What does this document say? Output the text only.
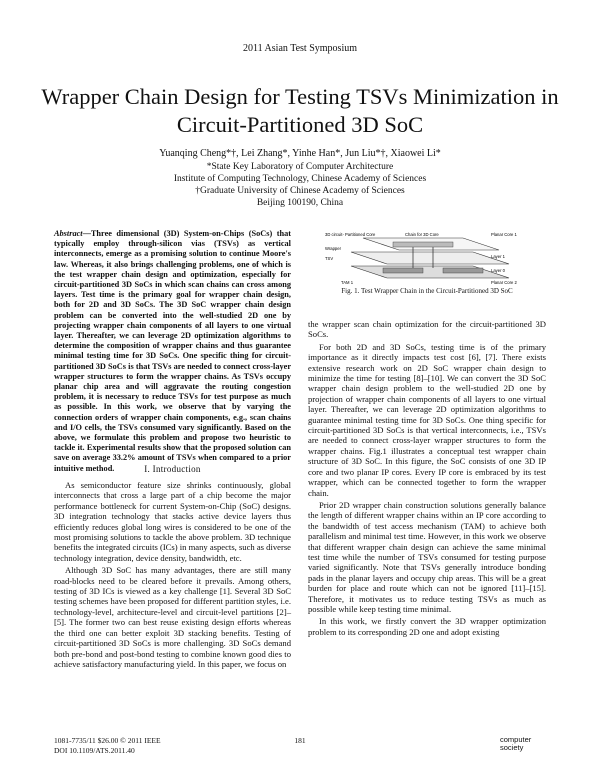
2011 Asian Test Symposium
Wrapper Chain Design for Testing TSVs Minimization in Circuit-Partitioned 3D SoC
Yuanqing Cheng*†, Lei Zhang*, Yinhe Han*, Jun Liu*†, Xiaowei Li*
*State Key Laboratory of Computer Architecture
Institute of Computing Technology, Chinese Academy of Sciences
†Graduate University of Chinese Academy of Sciences
Beijing 100190, China
Abstract—Three dimensional (3D) System-on-Chips (SoCs) that typically employ through-silicon vias (TSVs) as vertical interconnects, emerge as a promising solution to continue Moore's law. Whereas, it also brings challenging problems, one of which is the test wrapper chain design and optimization, especially for circuit-partitioned 3D SoCs in which scan chains can cross among layers. Test time is the primary goal for wrapper chain design, both for 2D and 3D SoCs. The 3D SoC wrapper chain design problem can be converted into the well-studied 2D one by projecting wrapper chain components of all layers to one virtual layer. Thereafter, we can leverage 2D optimization algorithms to determine the composition of wrapper chains and thus guarantee minimal testing time for 3D SoCs. One specific thing for circuit-partitioned 3D SoCs is that TSVs are needed to connect cross-layer wrapper structures to form the wrapper chains. As TSVs occupy planar chip area and will aggravate the routing congestion problem, it is necessary to reduce TSVs for test purpose as much as possible. In this work, we observe that by varying the connection orders of wrapper chain components, e.g., scan chains and I/O cells, the TSVs consumed vary significantly. Based on the above, we formulate this problem and propose two heuristic to tackle it. Experimental results show that the proposed solution can save on average 33.2% amount of TSVs when compared to a prior intuitive method.	I. Introduction

As semiconductor feature size shrinks continuously, global interconnects that cross a large part of a chip become the major performance bottleneck for current System-on-Chip (SoC) designs. 3D integration technology that stacks active device layers thus efficiently reduces global long wires is considered to be one of the most promising solutions to tackle the above problem. 3D technique benefits the integrated circuits (ICs) in many aspects, such as diverse technology integration, device density, bandwidth, etc.

Although 3D SoC has many advantages, there are still many road-blocks need to be cleared before it prevails. Among others, testing of 3D ICs is viewed as a key challenge [1]. Several 3D SoC testing schemes have been proposed for different partition styles, i.e. technology-level, architecture-level and circuit-level partitions [2]–[5]. The former two can best reuse existing design efforts whereas the third one can better exploit 3D stacking benefits. Testing of circuit-partitioned 3D SoCs is more challenging. 3D SoCs demand both pre-bond and post-bond testing to combine known good dies to achieve satisfactory manufacturing yield. In this paper, we focus on

3D circuit- Partitioned Core
Wrapper
TSV
Chain for 3D Core
TAM 1
Planar Core 1
Layer 1
Layer 0
Planar Core 2
Fig. 1. Test Wrapper Chain in the Circuit-Partitioned 3D SoC

the wrapper scan chain optimization for the circuit-partitioned 3D SoCs.

For both 2D and 3D SoCs, testing time is of the primary importance as it directly impacts test cost [6], [7]. There exists extensive research work on 2D SoC wrapper chain design to minimize the time for testing [8]–[10]. We can convert the 3D SoC wrapper chain design problem to the well-studied 2D one by projection of wrapper chain components of all layers to one virtual layer. Thereafter, we can leverage 2D optimization algorithms to guarantee minimal testing time for 3D SoCs. One thing specific for circuit-partitioned 3D SoCs is that vertical interconnects, i.e., TSVs are needed to connect cross-layer wrapper structures to form the wrapper chains. Fig.1 illustrates a conceptual test wrapper chain structure of 3D SoC. In this figure, the SoC consists of one 3D IP core and two planar IP cores. Every IP core is embraced by its test wrapper, which can be connected together to form the wrapper chain.

Prior 2D wrapper chain construction solutions generally balance the length of different wrapper chains within an IP core according to the bandwidth of test access mechanism (TAM) to achieve both parallelism and minimal test time. However, in this work we observe that different wrapper chain design can achieve the same minimal test time while the number of TSVs consumed for testing purpose varied significantly. Note that TSVs generally introduce bonding pads in the planar layers and occupy chip areas. This will be a great burden for place and route which can not be ignored [11]–[15]. Therefore, it motivates us to reduce testing TSVs as much as possible while keep testing time minimal.

In this work, we firstly convert the 3D wrapper optimization problem to its corresponding 2D one and adopt existing

1081-7735/11 $26.00 © 2011 IEEE
DOI 10.1109/ATS.2011.40
181	computer
society
